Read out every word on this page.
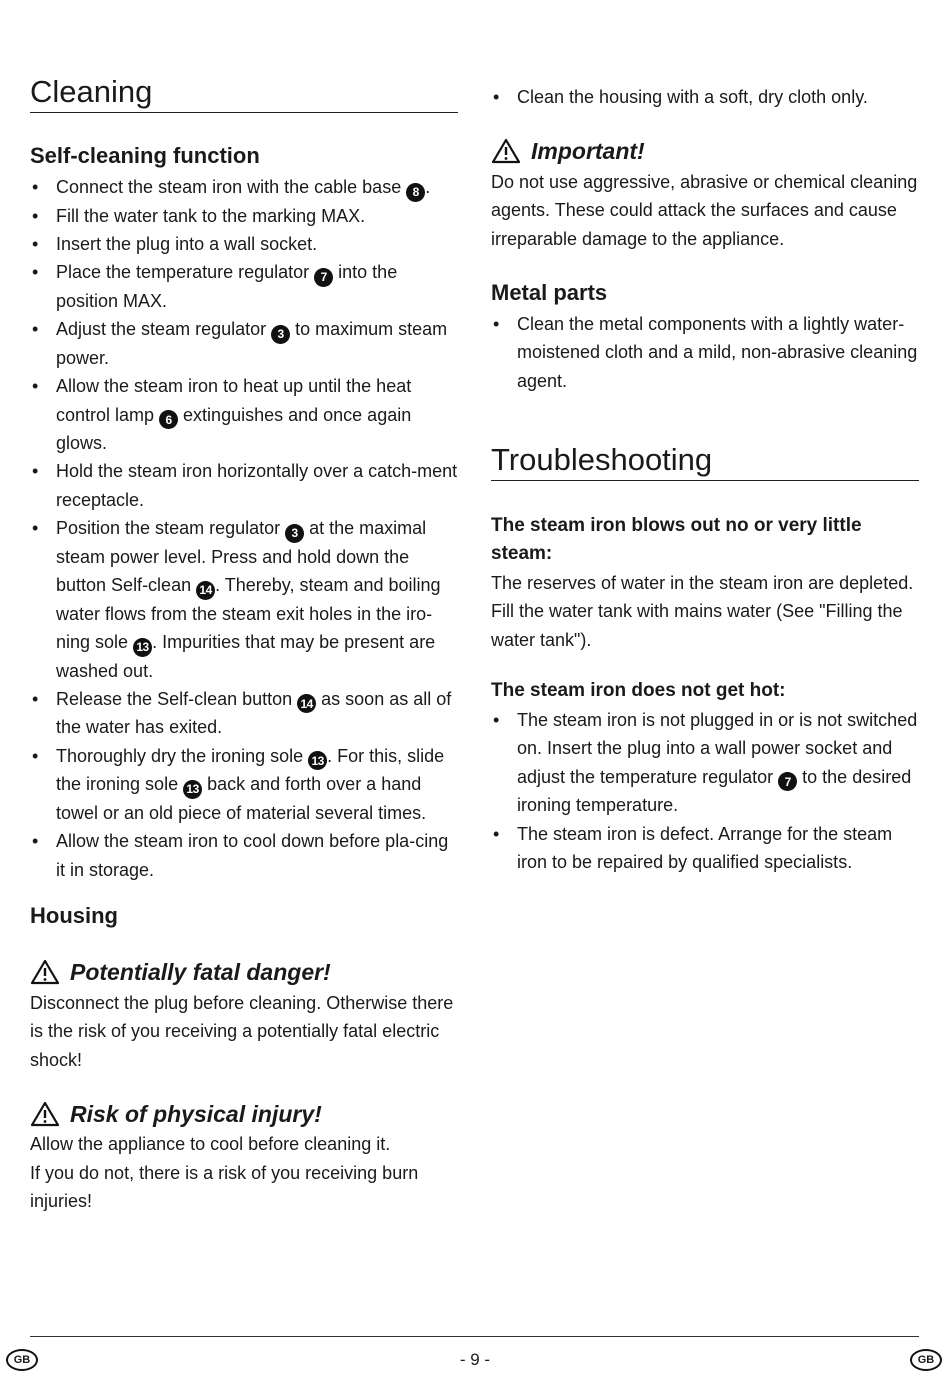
Cleaning
Self-cleaning function
• Connect the steam iron with the cable base 8 .
• Fill the water tank to the marking MAX.
• Insert the plug into a wall socket.
• Place the temperature regulator 7 into the position MAX.
• Adjust the steam regulator 3 to maximum steam power.
• Allow the steam iron to heat up until the heat control lamp 6 extinguishes and once again glows.
• Hold the steam iron horizontally over a catch-ment receptacle.
• Position the steam regulator 3 at the maximal steam power level. Press and hold down the button Self-clean 14 . Thereby, steam and boiling water flows from the steam exit holes in the iro-ning sole 13 . Impurities that may be present are washed out.
• Release the Self-clean button 14 as soon as all of the water has exited.
• Thoroughly dry the ironing sole 13 . For this, slide the ironing sole 13 back and forth over a hand towel or an old piece of material several times.
• Allow the steam iron to cool down before pla-cing it in storage.
Housing
Potentially fatal danger!

Disconnect the plug before cleaning. Otherwise there is the risk of you receiving a potentially fatal electric shock!

Risk of physical injury!

Allow the appliance to cool before cleaning it.

If you do not, there is a risk of you receiving burn injuries!

• Clean the housing with a soft, dry cloth only.
Important!

Do not use aggressive, abrasive or chemical cleaning agents. These could attack the surfaces and cause irreparable damage to the appliance.

Metal parts
• Clean the metal components with a lightly water-moistened cloth and a mild, non-abrasive cleaning agent.
Troubleshooting
The steam iron blows out no or very little steam:

The reserves of water in the steam iron are depleted. Fill the water tank with mains water (See "Filling the water tank").

The steam iron does not get hot:
• The steam iron is not plugged in or is not switched on. Insert the plug into a wall power socket and adjust the temperature regulator 7 to the desired ironing temperature.
• The steam iron is defect. Arrange for the steam iron to be repaired by qualified specialists.
GB	- 9 -	GB
